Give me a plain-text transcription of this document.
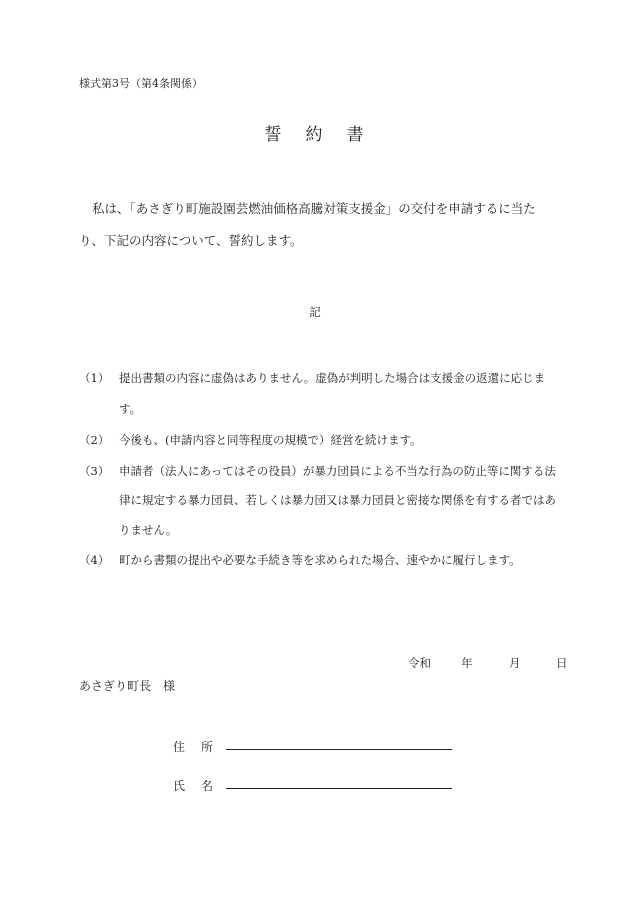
様式第3号（第4条関係）
誓 約 書
私は、「あさぎり町施設園芸燃油価格高騰対策支援金」の交付を申請するに当た
り、下記の内容について、誓約します。
記
（1） 提出書類の内容に虚偽はありません。虚偽が判明した場合は支援金の返還に応じま
す。
（2） 今後も、(申請内容と同等程度の規模で）経営を続けます。
（3） 申請者（法人にあってはその役員）が暴力団員による不当な行為の防止等に関する法
律に規定する暴力団員、若しくは暴力団又は暴力団員と密接な関係を有する者ではあ
りません。
（4） 町から書類の提出や必要な手続き等を求められた場合、速やかに履行します。
令和	年	月	日
あさぎり町長　様
住 所
氏 名
